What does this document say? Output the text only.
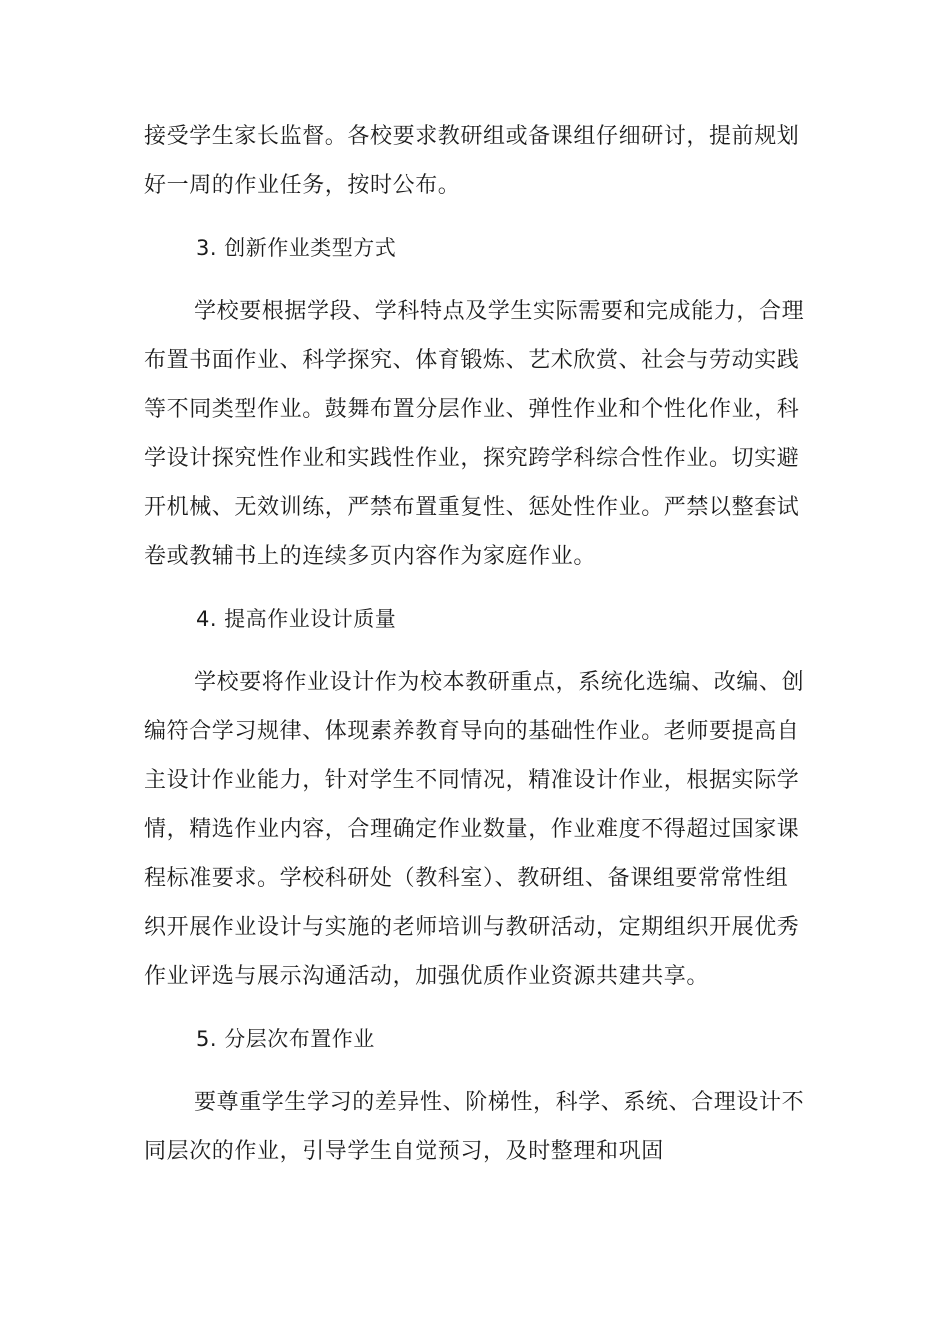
接受学生家长监督。各校要求教研组或备课组仔细研讨，提前规划
好一周的作业任务，按时公布。
3. 创新作业类型方式
学校要根据学段、学科特点及学生实际需要和完成能力，合理
布置书面作业、科学探究、体育锻炼、艺术欣赏、社会与劳动实践
等不同类型作业。鼓舞布置分层作业、弹性作业和个性化作业，科
学设计探究性作业和实践性作业，探究跨学科综合性作业。切实避
开机械、无效训练，严禁布置重复性、惩处性作业。严禁以整套试
卷或教辅书上的连续多页内容作为家庭作业。
4. 提高作业设计质量
学校要将作业设计作为校本教研重点，系统化选编、改编、创
编符合学习规律、体现素养教育导向的基础性作业。老师要提高自
主设计作业能力，针对学生不同情况，精准设计作业，根据实际学
情，精选作业内容，合理确定作业数量，作业难度不得超过国家课
程标准要求。学校科研处（教科室）、教研组、备课组要常常性组
织开展作业设计与实施的老师培训与教研活动，定期组织开展优秀
作业评选与展示沟通活动，加强优质作业资源共建共享。
5. 分层次布置作业
要尊重学生学习的差异性、阶梯性，科学、系统、合理设计不
同层次的作业，引导学生自觉预习，及时整理和巩固
